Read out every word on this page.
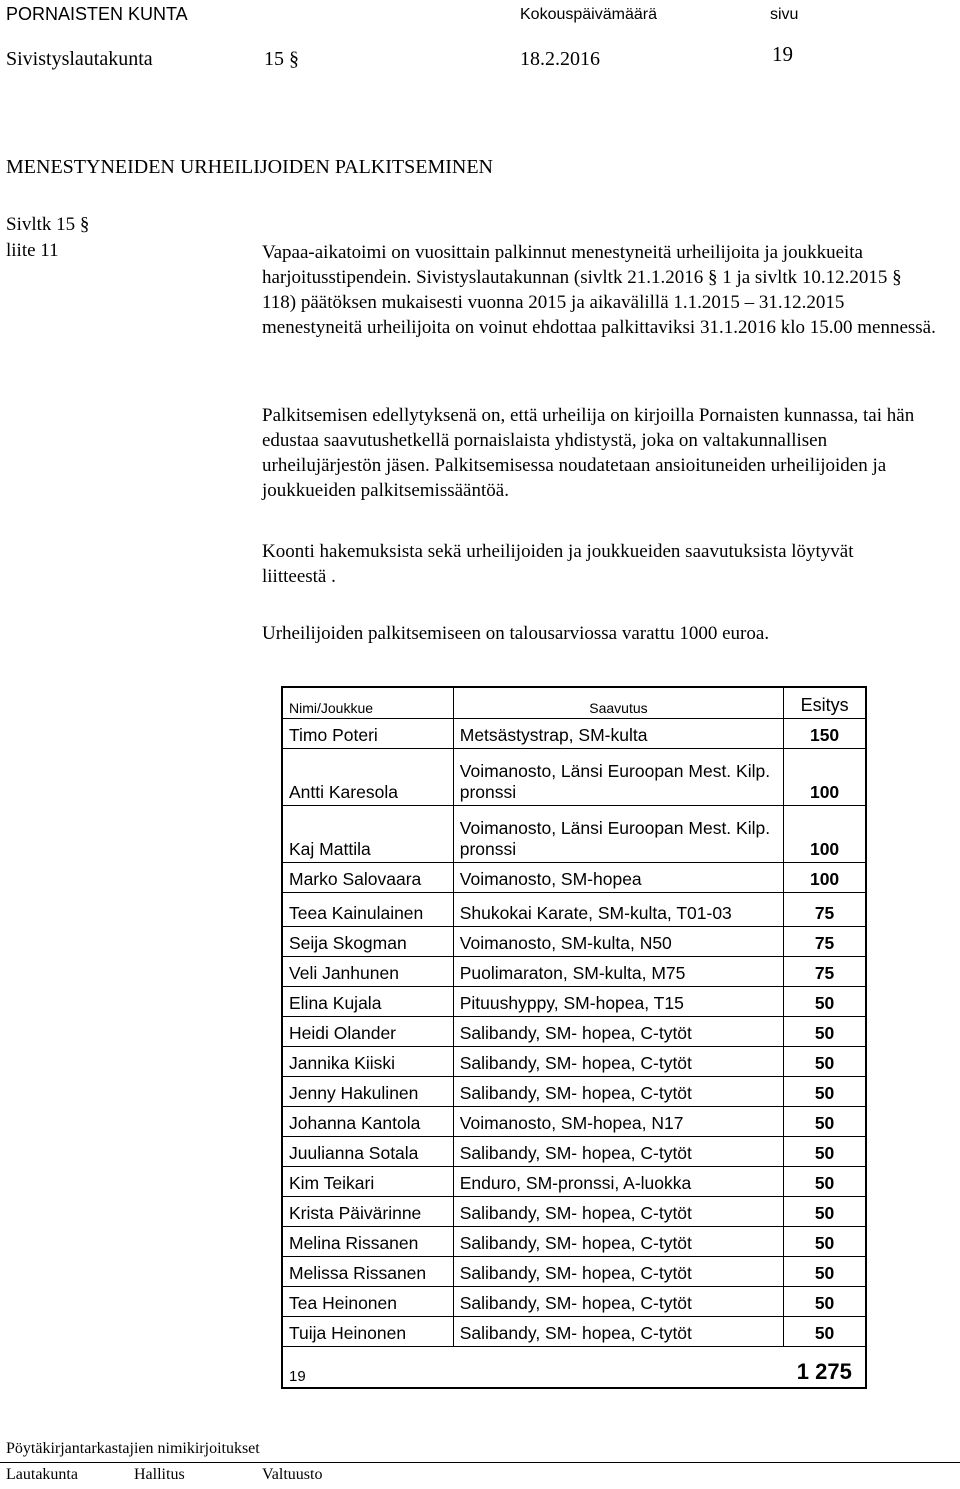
PORNAISTEN KUNTA	Kokouspäivämäärä	sivu
Sivistyslautakunta	15 §	18.2.2016	19
MENESTYNEIDEN URHEILIJOIDEN PALKITSEMINEN
Sivltk 15 §
liite 11	Vapaa-aikatoimi on vuosittain palkinnut menestyneitä urheilijoita ja joukkueita harjoitusstipendein. Sivistyslautakunnan (sivltk 21.1.2016 § 1 ja sivltk 10.12.2015 § 118) päätöksen mukaisesti vuonna 2015 ja aikavälillä 1.1.2015 – 31.12.2015 menestyneitä urheilijoita on voinut ehdottaa palkittaviksi 31.1.2016 klo 15.00 mennessä.

Palkitsemisen edellytyksenä on, että urheilija on kirjoilla Pornaisten kunnassa, tai hän edustaa saavutushetkellä pornaislaista yhdistystä, joka on valtakunnallisen urheilujärjestön jäsen. Palkitsemisessa noudatetaan ansioituneiden urheilijoiden ja joukkueiden palkitsemissääntöä.

Koonti hakemuksista sekä urheilijoiden ja joukkueiden saavutuksista löytyvät liitteestä .

Urheilijoiden palkitsemiseen on talousarviossa varattu 1000 euroa.

Nimi/Joukkue	Saavutus	Esitys
Timo Poteri	Metsästystrap, SM-kulta	150
Antti Karesola	Voimanosto, Länsi Euroopan Mest. Kilp. pronssi	100
Kaj Mattila	Voimanosto, Länsi Euroopan Mest. Kilp. pronssi	100
Marko Salovaara	Voimanosto, SM-hopea	100
Teea Kainulainen	Shukokai Karate, SM-kulta, T01-03	75
Seija Skogman	Voimanosto, SM-kulta, N50	75
Veli Janhunen	Puolimaraton, SM-kulta, M75	75
Elina Kujala	Pituushyppy, SM-hopea, T15	50
Heidi Olander	Salibandy, SM- hopea, C-tytöt	50
Jannika Kiiski	Salibandy, SM- hopea, C-tytöt	50
Jenny Hakulinen	Salibandy, SM- hopea, C-tytöt	50
Johanna Kantola	Voimanosto, SM-hopea, N17	50
Juulianna Sotala	Salibandy, SM- hopea, C-tytöt	50
Kim Teikari	Enduro, SM-pronssi, A-luokka	50
Krista Päivärinne	Salibandy, SM- hopea, C-tytöt	50
Melina Rissanen	Salibandy, SM- hopea, C-tytöt	50
Melissa Rissanen	Salibandy, SM- hopea, C-tytöt	50
Tea Heinonen	Salibandy, SM- hopea, C-tytöt	50
Tuija Heinonen	Salibandy, SM- hopea, C-tytöt	50
19		1 275
Pöytäkirjantarkastajien nimikirjoitukset
Lautakunta	Hallitus	Valtuusto
